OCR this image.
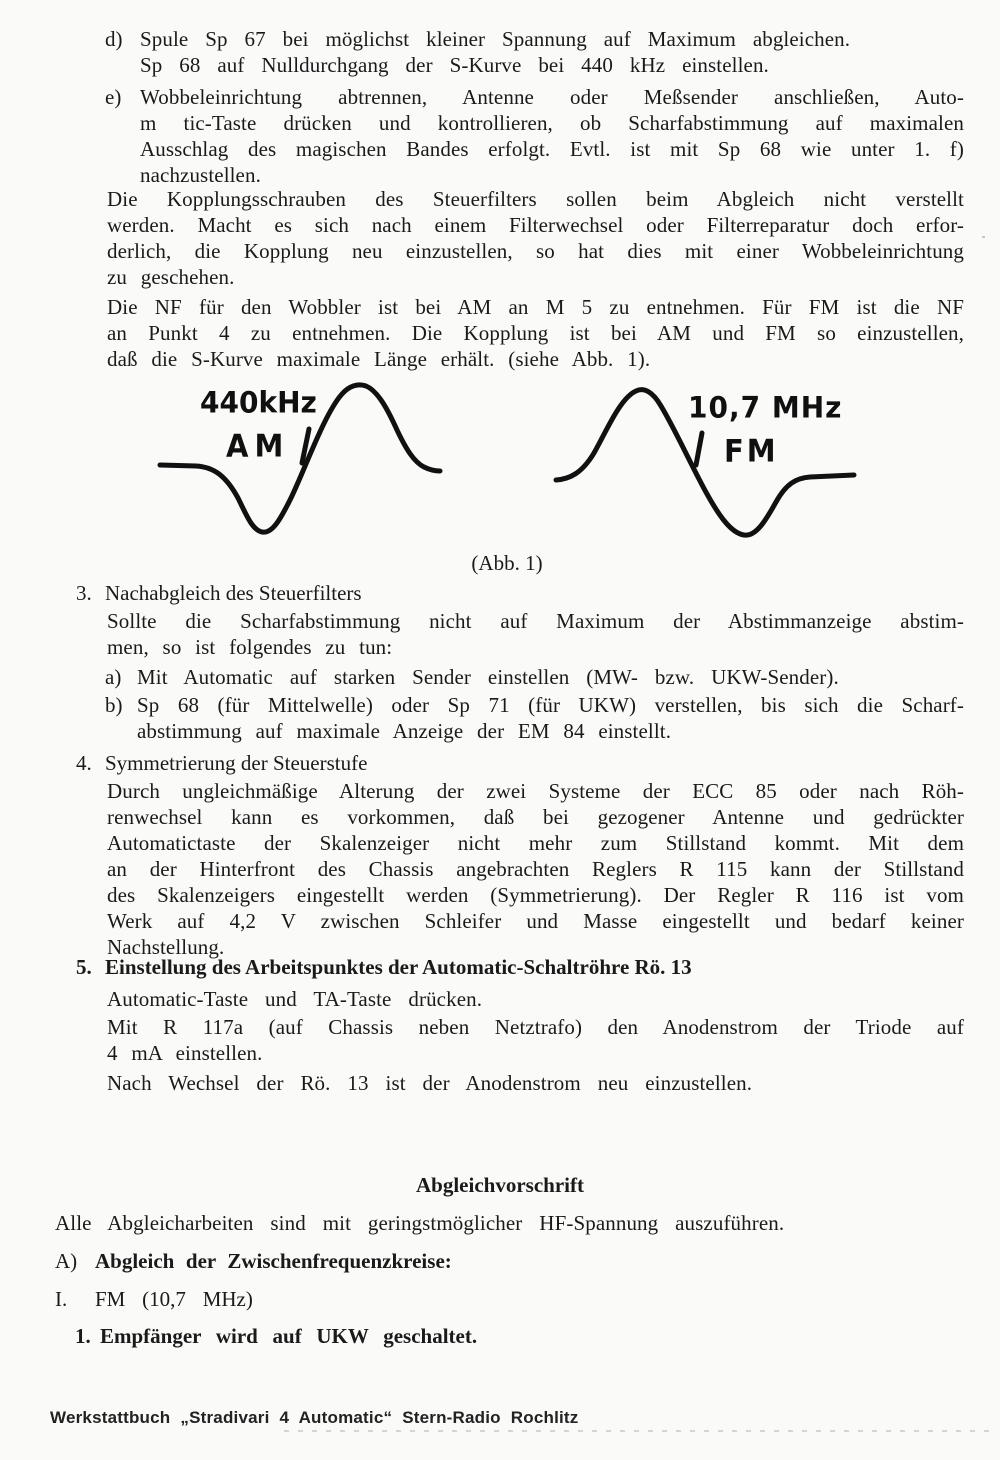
d) Spule Sp 67 bei möglichst kleiner Spannung auf Maximum abgleichen.
Sp 68 auf Nulldurchgang der S-Kurve bei 440 kHz einstellen.
e) Wobbeleinrichtung abtrennen, Antenne oder Meßsender anschließen, Auto-
m tic-Taste drücken und kontrollieren, ob Scharfabstimmung auf maximalen
Ausschlag des magischen Bandes erfolgt. Evtl. ist mit Sp 68 wie unter 1. f)
nachzustellen.
Die Kopplungsschrauben des Steuerfilters sollen beim Abgleich nicht verstellt
werden. Macht es sich nach einem Filterwechsel oder Filterreparatur doch erfor-
derlich, die Kopplung neu einzustellen, so hat dies mit einer Wobbeleinrichtung
zu geschehen.
Die NF für den Wobbler ist bei AM an M 5 zu entnehmen. Für FM ist die NF
an Punkt 4 zu entnehmen. Die Kopplung ist bei AM und FM so einzustellen,
daß die S-Kurve maximale Länge erhält. (siehe Abb. 1).
440kHz
AM
10,7 MHz
FM
(Abb. 1)
3. Nachabgleich des Steuerfilters
Sollte die Scharfabstimmung nicht auf Maximum der Abstimmanzeige abstim-
men, so ist folgendes zu tun:
a) Mit Automatic auf starken Sender einstellen (MW- bzw. UKW-Sender).
b) Sp 68 (für Mittelwelle) oder Sp 71 (für UKW) verstellen, bis sich die Scharf-
abstimmung auf maximale Anzeige der EM 84 einstellt.
4. Symmetrierung der Steuerstufe
Durch ungleichmäßige Alterung der zwei Systeme der ECC 85 oder nach Röh-
renwechsel kann es vorkommen, daß bei gezogener Antenne und gedrückter
Automatictaste der Skalenzeiger nicht mehr zum Stillstand kommt. Mit dem
an der Hinterfront des Chassis angebrachten Reglers R 115 kann der Stillstand
des Skalenzeigers eingestellt werden (Symmetrierung). Der Regler R 116 ist vom
Werk auf 4,2 V zwischen Schleifer und Masse eingestellt und bedarf keiner
Nachstellung.
5. Einstellung des Arbeitspunktes der Automatic-Schaltröhre Rö. 13
Automatic-Taste und TA-Taste drücken.
Mit R 117a (auf Chassis neben Netztrafo) den Anodenstrom der Triode auf
4 mA einstellen.
Nach Wechsel der Rö. 13 ist der Anodenstrom neu einzustellen.
Abgleichvorschrift
Alle Abgleicharbeiten sind mit geringstmöglicher HF-Spannung auszuführen.
A) Abgleich der Zwischenfrequenzkreise:
I. FM (10,7 MHz)
1. Empfänger wird auf UKW geschaltet.
Werkstattbuch „Stradivari 4 Automatic“ Stern-Radio Rochlitz
